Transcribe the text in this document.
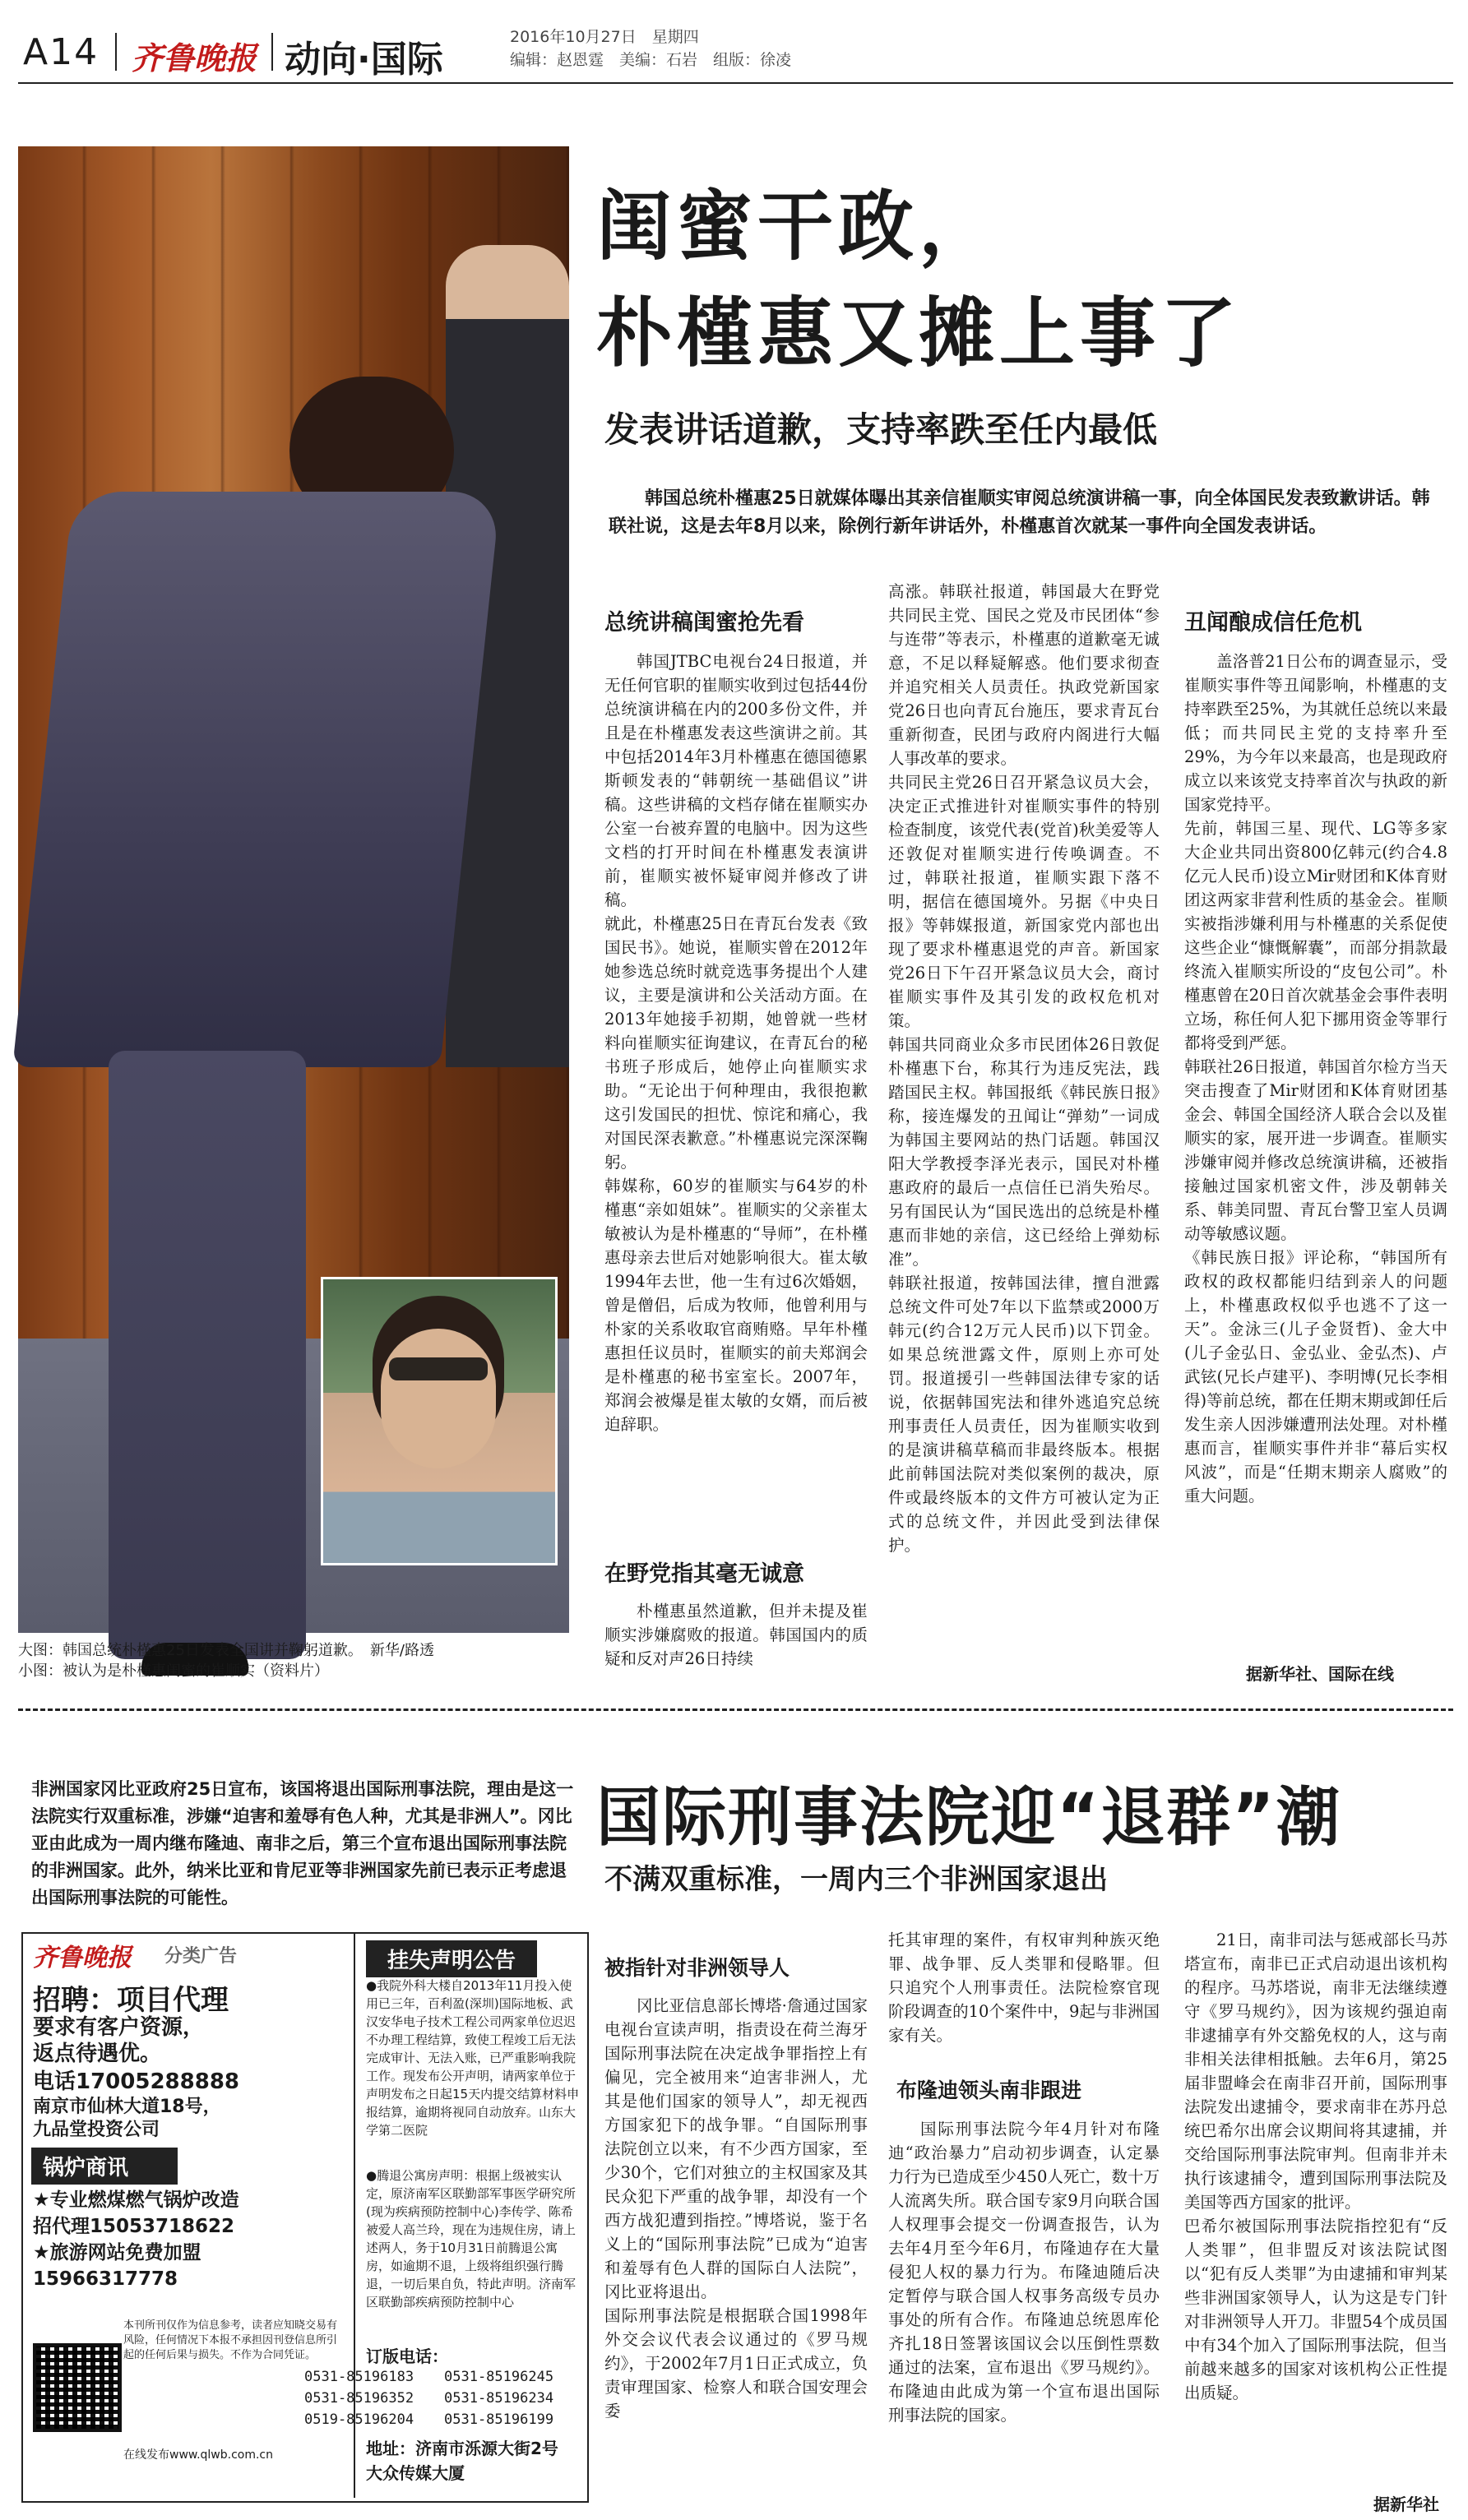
A14 齐鲁晚报 动向·国际
2016年10月27日　星期四
编辑：赵恩霆　美编：石岩　组版：徐凌
大图：韩国总统朴槿惠25日发表全国讲并鞠躬道歉。　新华/路透
小图：被认为是朴槿惠闺蜜的崔顺实（资料片）
闺蜜干政，
朴槿惠又摊上事了
发表讲话道歉，支持率跌至任内最低
韩国总统朴槿惠25日就媒体曝出其亲信崔顺实审阅总统演讲稿一事，向全体国民发表致歉讲话。韩联社说，这是去年8月以来，除例行新年讲话外，朴槿惠首次就某一事件向全国发表讲话。
总统讲稿闺蜜抢先看
韩国JTBC电视台24日报道，并无任何官职的崔顺实收到过包括44份总统演讲稿在内的200多份文件，并且是在朴槿惠发表这些演讲之前。其中包括2014年3月朴槿惠在德国德累斯顿发表的“韩朝统一基础倡议”讲稿。这些讲稿的文档存储在崔顺实办公室一台被弃置的电脑中。因为这些文档的打开时间在朴槿惠发表演讲前，崔顺实被怀疑审阅并修改了讲稿。
就此，朴槿惠25日在青瓦台发表《致国民书》。她说，崔顺实曾在2012年她参选总统时就竞选事务提出个人建议，主要是演讲和公关活动方面。在2013年她接手初期，她曾就一些材料向崔顺实征询建议，在青瓦台的秘书班子形成后，她停止向崔顺实求助。“无论出于何种理由，我很抱歉这引发国民的担忧、惊诧和痛心，我对国民深表歉意。”朴槿惠说完深深鞠躬。
韩媒称，60岁的崔顺实与64岁的朴槿惠“亲如姐妹”。崔顺实的父亲崔太敏被认为是朴槿惠的“导师”，在朴槿惠母亲去世后对她影响很大。崔太敏1994年去世，他一生有过6次婚姻，曾是僧侣，后成为牧师，他曾利用与朴家的关系收取官商贿赂。早年朴槿惠担任议员时，崔顺实的前夫郑润会是朴槿惠的秘书室室长。2007年，郑润会被爆是崔太敏的女婿，而后被迫辞职。
在野党指其毫无诚意
朴槿惠虽然道歉，但并未提及崔顺实涉嫌腐败的报道。韩国国内的质疑和反对声26日持续
高涨。韩联社报道，韩国最大在野党共同民主党、国民之党及市民团体“参与连带”等表示，朴槿惠的道歉毫无诚意，不足以释疑解惑。他们要求彻查并追究相关人员责任。执政党新国家党26日也向青瓦台施压，要求青瓦台重新彻查，民团与政府内阁进行大幅人事改革的要求。
共同民主党26日召开紧急议员大会，决定正式推进针对崔顺实事件的特别检查制度，该党代表(党首)秋美爱等人还敦促对崔顺实进行传唤调查。不过，韩联社报道，崔顺实跟下落不明，据信在德国境外。另据《中央日报》等韩媒报道，新国家党内部也出现了要求朴槿惠退党的声音。新国家党26日下午召开紧急议员大会，商讨崔顺实事件及其引发的政权危机对策。
韩国共同商业众多市民团体26日敦促朴槿惠下台，称其行为违反宪法，践踏国民主权。韩国报纸《韩民族日报》称，接连爆发的丑闻让“弹劾”一词成为韩国主要网站的热门话题。韩国汉阳大学教授李泽光表示，国民对朴槿惠政府的最后一点信任已消失殆尽。另有国民认为“国民选出的总统是朴槿惠而非她的亲信，这已经给上弹劾标准”。
韩联社报道，按韩国法律，擅自泄露总统文件可处7年以下监禁或2000万韩元(约合12万元人民币)以下罚金。如果总统泄露文件，原则上亦可处罚。报道援引一些韩国法律专家的话说，依据韩国宪法和律外逃追究总统刑事责任人员责任，因为崔顺实收到的是演讲稿草稿而非最终版本。根据此前韩国法院对类似案例的裁决，原件或最终版本的文件方可被认定为正式的总统文件，并因此受到法律保护。
丑闻酿成信任危机
盖洛普21日公布的调查显示，受崔顺实事件等丑闻影响，朴槿惠的支持率跌至25%，为其就任总统以来最低；而共同民主党的支持率升至29%，为今年以来最高，也是现政府成立以来该党支持率首次与执政的新国家党持平。
先前，韩国三星、现代、LG等多家大企业共同出资800亿韩元(约合4.8亿元人民币)设立Mir财团和K体育财团这两家非营利性质的基金会。崔顺实被指涉嫌利用与朴槿惠的关系促使这些企业“慷慨解囊”，而部分捐款最终流入崔顺实所设的“皮包公司”。朴槿惠曾在20日首次就基金会事件表明立场，称任何人犯下挪用资金等罪行都将受到严惩。
韩联社26日报道，韩国首尔检方当天突击搜查了Mir财团和K体育财团基金会、韩国全国经济人联合会以及崔顺实的家，展开进一步调查。崔顺实涉嫌审阅并修改总统演讲稿，还被指接触过国家机密文件，涉及朝韩关系、韩美同盟、青瓦台警卫室人员调动等敏感议题。
《韩民族日报》评论称，“韩国所有政权的政权都能归结到亲人的问题上，朴槿惠政权似乎也逃不了这一天”。金泳三(儿子金贤哲)、金大中(儿子金弘日、金弘业、金弘杰)、卢武铉(兄长卢建平)、李明博(兄长李相得)等前总统，都在任期末期或卸任后发生亲人因涉嫌遭刑法处理。对朴槿惠而言，崔顺实事件并非“幕后实权风波”，而是“任期末期亲人腐败”的重大问题。
据新华社、国际在线
非洲国家冈比亚政府25日宣布，该国将退出国际刑事法院，理由是这一法院实行双重标准，涉嫌“迫害和羞辱有色人种，尤其是非洲人”。冈比亚由此成为一周内继布隆迪、南非之后，第三个宣布退出国际刑事法院的非洲国家。此外，纳米比亚和肯尼亚等非洲国家先前已表示正考虑退出国际刑事法院的可能性。
国际刑事法院迎“退群”潮
不满双重标准，一周内三个非洲国家退出
齐鲁晚报 分类广告
招聘：项目代理
要求有客户资源，
返点待遇优。
电话17005288888
南京市仙林大道18号，
九品堂投资公司
锅炉商讯
★专业燃煤燃气锅炉改造
招代理15053718622
★旅游网站免费加盟
15966317778
本刊所刊仅作为信息参考，读者应知晓交易有风险，任何情况下本报不承担因刊登信息所引起的任何后果与损失。不作为合同凭证。
在线发布www.qlwb.com.cn
挂失声明公告
●我院外科大楼自2013年11月投入使用已三年，百利盈(深圳)国际地板、武汉安华电子技术工程公司两家单位迟迟不办理工程结算，致使工程竣工后无法完成审计、无法入账，已严重影响我院工作。现发布公开声明，请两家单位于声明发布之日起15天内提交结算材料申报结算，逾期将视同自动放弃。山东大学第二医院
●腾退公寓房声明：根据上级被实认定，原济南军区联勤部军事医学研究所(现为疾病预防控制中心)李传学、陈希被爱人高兰玲，现在为违规住房，请上述两人，务于10月31日前腾退公寓房，如逾期不退，上级将组织强行腾退，一切后果自负，特此声明。济南军区联勤部疾病预防控制中心
订版电话：
0531-85196183	0531-85196245
0531-85196352	0531-85196234
0519-85196204	0531-85196199
地址：济南市泺源大街2号
大众传媒大厦
被指针对非洲领导人
冈比亚信息部长博塔·詹通过国家电视台宣读声明，指责设在荷兰海牙国际刑事法院在决定战争罪指控上有偏见，完全被用来“迫害非洲人，尤其是他们国家的领导人”，却无视西方国家犯下的战争罪。“自国际刑事法院创立以来，有不少西方国家，至少30个，它们对独立的主权国家及其民众犯下严重的战争罪，却没有一个西方战犯遭到指控。”博塔说，鉴于名义上的“国际刑事法院”已成为“迫害和羞辱有色人群的国际白人法院”，冈比亚将退出。
国际刑事法院是根据联合国1998年外交会议代表会议通过的《罗马规约》，于2002年7月1日正式成立，负责审理国家、检察人和联合国安理会委
托其审理的案件，有权审判种族灭绝罪、战争罪、反人类罪和侵略罪。但只追究个人刑事责任。法院检察官现阶段调查的10个案件中，9起与非洲国家有关。
布隆迪领头南非跟进
国际刑事法院今年4月针对布隆迪“政治暴力”启动初步调查，认定暴力行为已造成至少450人死亡，数十万人流离失所。联合国专家9月向联合国人权理事会提交一份调查报告，认为去年4月至今年6月，布隆迪存在大量侵犯人权的暴力行为。布隆迪随后决定暂停与联合国人权事务高级专员办事处的所有合作。布隆迪总统恩库伦齐扎18日签署该国议会以压倒性票数通过的法案，宣布退出《罗马规约》。布隆迪由此成为第一个宣布退出国际刑事法院的国家。
21日，南非司法与惩戒部长马苏塔宣布，南非已正式启动退出该机构的程序。马苏塔说，南非无法继续遵守《罗马规约》，因为该规约强迫南非逮捕享有外交豁免权的人，这与南非相关法律相抵触。去年6月，第25届非盟峰会在南非召开前，国际刑事法院发出逮捕令，要求南非在苏丹总统巴希尔出席会议期间将其逮捕，并交给国际刑事法院审判。但南非并未执行该逮捕令，遭到国际刑事法院及美国等西方国家的批评。
巴希尔被国际刑事法院指控犯有“反人类罪”，但非盟反对该法院试图以“犯有反人类罪”为由逮捕和审判某些非洲国家领导人，认为这是专门针对非洲领导人开刀。非盟54个成员国中有34个加入了国际刑事法院，但当前越来越多的国家对该机构公正性提出质疑。
据新华社
